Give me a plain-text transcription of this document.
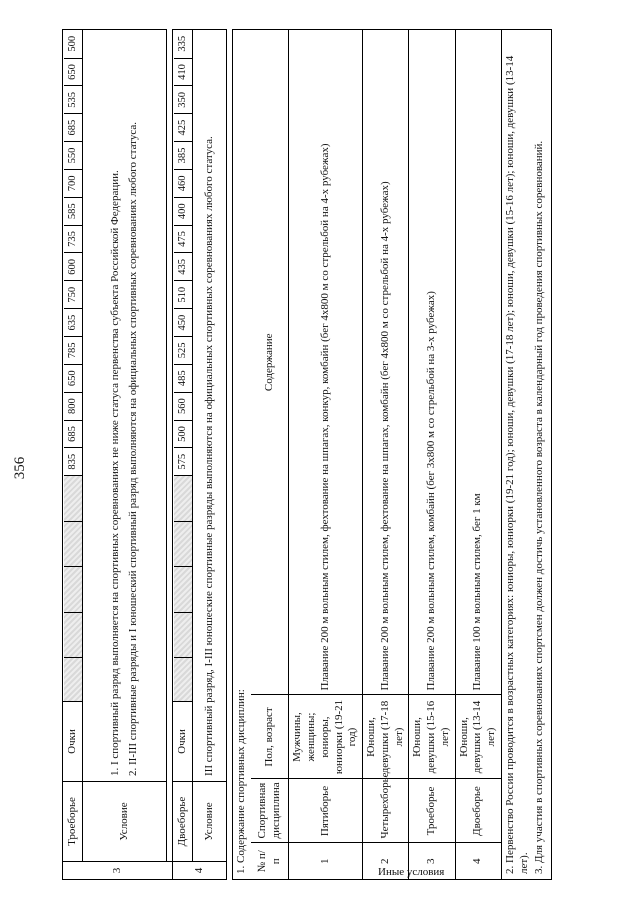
356
3	Троеборье	Очки	
					835	685	800	650	785	635	750	600	735	585	700	550	685	535	650	500

Условие	
1. I спортивный разряд выполняется на спортивных соревнованиях не ниже статуса первенства субъекта Российской Федерации. 2. II-III спортивные разряды и I юношеский спортивный разряд выполняются на официальных спортивных соревнованиях любого статуса.

4	Двоеборье	Очки	
					575	500	560	485	525	450	510	435	475	400	460	385	425	350	410	335

Условие	III спортивный разряд, I-III юношеские спортивные разряды выполняются на официальных спортивных соревнованиях любого статуса.

1. Содержание спортивных дисциплин: № п/п	Спортивная дисциплина	Пол, возраст	Содержание
1	Пятиборье	Мужчины, женщины; юниоры, юниорки (19-21 год)	Плавание 200 м вольным стилем, фехтование на шпагах, конкур, комбайн (бег 4х800 м со стрельбой на 4-х рубежах)
2	Четырехборье	Юноши, девушки (17-18 лет)	Плавание 200 м вольным стилем, фехтование на шпагах, комбайн (бег 4х800 м со стрельбой на 4-х рубежах)
3	Троеборье	Юноши, девушки (15-16 лет)	Плавание 200 м вольным стилем, комбайн (бег 3х800 м со стрельбой на 3-х рубежах)
4	Двоеборье	Юноши, девушки (13-14 лет)	Плавание 100 м вольным стилем, бег 1 км 2. Первенство России проводится в возрастных категориях: юниоры, юниорки (19-21 год); юноши, девушки (17-18 лет); юноши, девушки (15-16 лет); юноши, девушки (13-14 лет). 3. Для участия в спортивных соревнованиях спортсмен должен достичь установленного возраста в календарный год проведения спортивных соревнований.

Иные условия
